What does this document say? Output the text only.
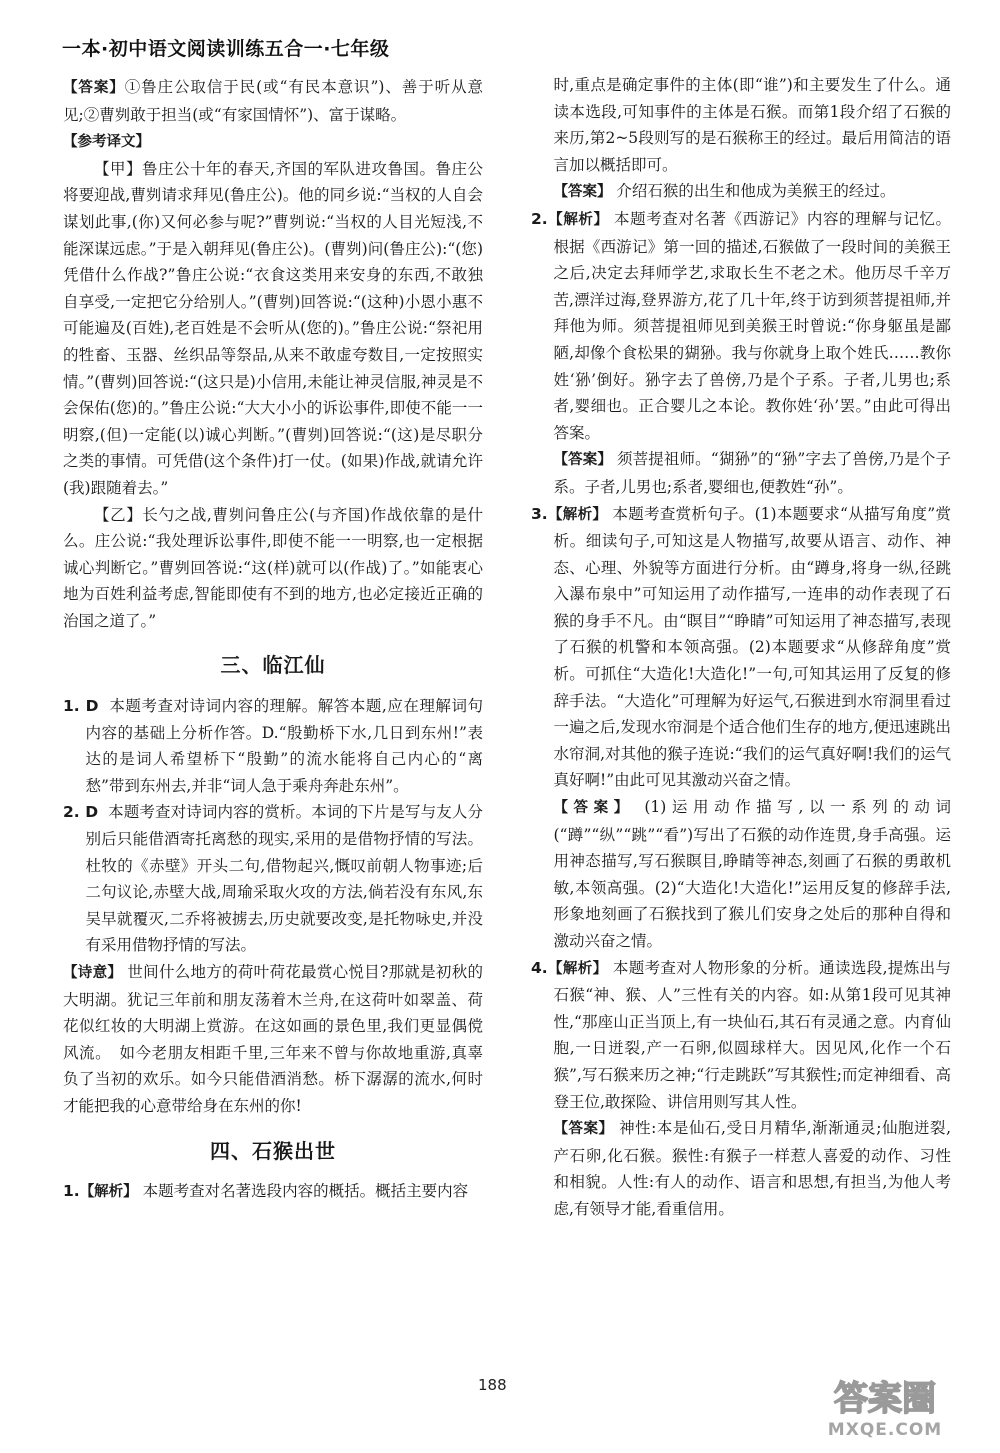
一本·初中语文阅读训练五合一·七年级

【答案】①鲁庄公取信于民(或“有民本意识”)、善于听从意见;②曹刿敢于担当(或“有家国情怀”)、富于谋略。

【参考译文】

【甲】鲁庄公十年的春天,齐国的军队进攻鲁国。鲁庄公将要迎战,曹刿请求拜见(鲁庄公)。他的同乡说:“当权的人自会谋划此事,(你)又何必参与呢?”曹刿说:“当权的人目光短浅,不能深谋远虑。”于是入朝拜见(鲁庄公)。(曹刿)问(鲁庄公):“(您)凭借什么作战?”鲁庄公说:“衣食这类用来安身的东西,不敢独自享受,一定把它分给别人。”(曹刿)回答说:“(这种)小恩小惠不可能遍及(百姓),老百姓是不会听从(您的)。”鲁庄公说:“祭祀用的牲畜、玉器、丝织品等祭品,从来不敢虚夸数目,一定按照实情。”(曹刿)回答说:“(这只是)小信用,未能让神灵信服,神灵是不会保佑(您)的。”鲁庄公说:“大大小小的诉讼事件,即使不能一一明察,(但)一定能(以)诚心判断。”(曹刿)回答说:“(这)是尽职分之类的事情。可凭借(这个条件)打一仗。(如果)作战,就请允许(我)跟随着去。”

【乙】长勺之战,曹刿问鲁庄公(与齐国)作战依靠的是什么。庄公说:“我处理诉讼事件,即使不能一一明察,也一定根据诚心判断它。”曹刿回答说:“这(样)就可以(作战)了。”如能衷心地为百姓利益考虑,智能即使有不到的地方,也必定接近正确的治国之道了。”

三、临江仙

1. D 本题考查对诗词内容的理解。解答本题,应在理解词句内容的基础上分析作答。D.“殷勤桥下水,几日到东州!”表达的是词人希望桥下“殷勤”的流水能将自己内心的“离愁”带到东州去,并非“词人急于乘舟奔赴东州”。

2. D 本题考查对诗词内容的赏析。本词的下片是写与友人分别后只能借酒寄托离愁的现实,采用的是借物抒情的写法。杜牧的《赤壁》开头二句,借物起兴,慨叹前朝人物事迹;后二句议论,赤壁大战,周瑜采取火攻的方法,倘若没有东风,东吴早就覆灭,二乔将被掳去,历史就要改变,是托物咏史,并没有采用借物抒情的写法。

【诗意】 世间什么地方的荷叶荷花最赏心悦目?那就是初秋的大明湖。犹记三年前和朋友荡着木兰舟,在这荷叶如翠盖、荷花似红妆的大明湖上赏游。在这如画的景色里,我们更显偶傥风流。　如今老朋友相距千里,三年来不曾与你故地重游,真辜负了当初的欢乐。如今只能借酒消愁。桥下潺潺的流水,何时才能把我的心意带给身在东州的你!

四、石猴出世

1.【解析】 本题考查对名著选段内容的概括。概括主要内容

时,重点是确定事件的主体(即“谁”)和主要发生了什么。通读本选段,可知事件的主体是石猴。而第1段介绍了石猴的来历,第2~5段则写的是石猴称王的经过。最后用简洁的语言加以概括即可。

【答案】 介绍石猴的出生和他成为美猴王的经过。

2.【解析】 本题考查对名著《西游记》内容的理解与记忆。根据《西游记》第一回的描述,石猴做了一段时间的美猴王之后,决定去拜师学艺,求取长生不老之术。他历尽千辛万苦,漂洋过海,登界游方,花了几十年,终于访到须菩提祖师,并拜他为师。须菩提祖师见到美猴王时曾说:“你身躯虽是鄙陋,却像个食松果的猢狲。我与你就身上取个姓氏……教你姓‘狲’倒好。狲字去了兽傍,乃是个子系。子者,儿男也;系者,婴细也。正合婴儿之本论。教你姓‘孙’罢。”由此可得出答案。

【答案】 须菩提祖师。“猢狲”的“狲”字去了兽傍,乃是个子系。子者,儿男也;系者,婴细也,便教姓“孙”。

3.【解析】 本题考查赏析句子。(1)本题要求“从描写角度”赏析。细读句子,可知这是人物描写,故要从语言、动作、神态、心理、外貌等方面进行分析。由“蹲身,将身一纵,径跳入瀑布泉中”可知运用了动作描写,一连串的动作表现了石猴的身手不凡。由“瞑目”“睁睛”可知运用了神态描写,表现了石猴的机警和本领高强。(2)本题要求“从修辞角度”赏析。可抓住“大造化!大造化!”一句,可知其运用了反复的修辞手法。“大造化”可理解为好运气,石猴进到水帘洞里看过一遍之后,发现水帘洞是个适合他们生存的地方,便迅速跳出水帘洞,对其他的猴子连说:“我们的运气真好啊!我们的运气真好啊!”由此可见其激动兴奋之情。

【答案】 (1)运用动作描写,以一系列的动词(“蹲”“纵”“跳”“看”)写出了石猴的动作连贯,身手高强。运用神态描写,写石猴瞑目,睁睛等神态,刻画了石猴的勇敢机敏,本领高强。(2)“大造化!大造化!”运用反复的修辞手法,形象地刻画了石猴找到了猴儿们安身之处后的那种自得和激动兴奋之情。

4.【解析】 本题考查对人物形象的分析。通读选段,提炼出与石猴“神、猴、人”三性有关的内容。如:从第1段可见其神性,“那座山正当顶上,有一块仙石,其石有灵通之意。内育仙胞,一日迸裂,产一石卵,似圆球样大。因见风,化作一个石猴”,写石猴来历之神;“行走跳跃”写其猴性;而定神细看、高登王位,敢探险、讲信用则写其人性。

【答案】 神性:本是仙石,受日月精华,渐渐通灵;仙胞迸裂,产石卵,化石猴。猴性:有猴子一样惹人喜爱的动作、习性和相貌。人性:有人的动作、语言和思想,有担当,为他人考虑,有领导才能,看重信用。

188	答案圈
MXQE.COM
